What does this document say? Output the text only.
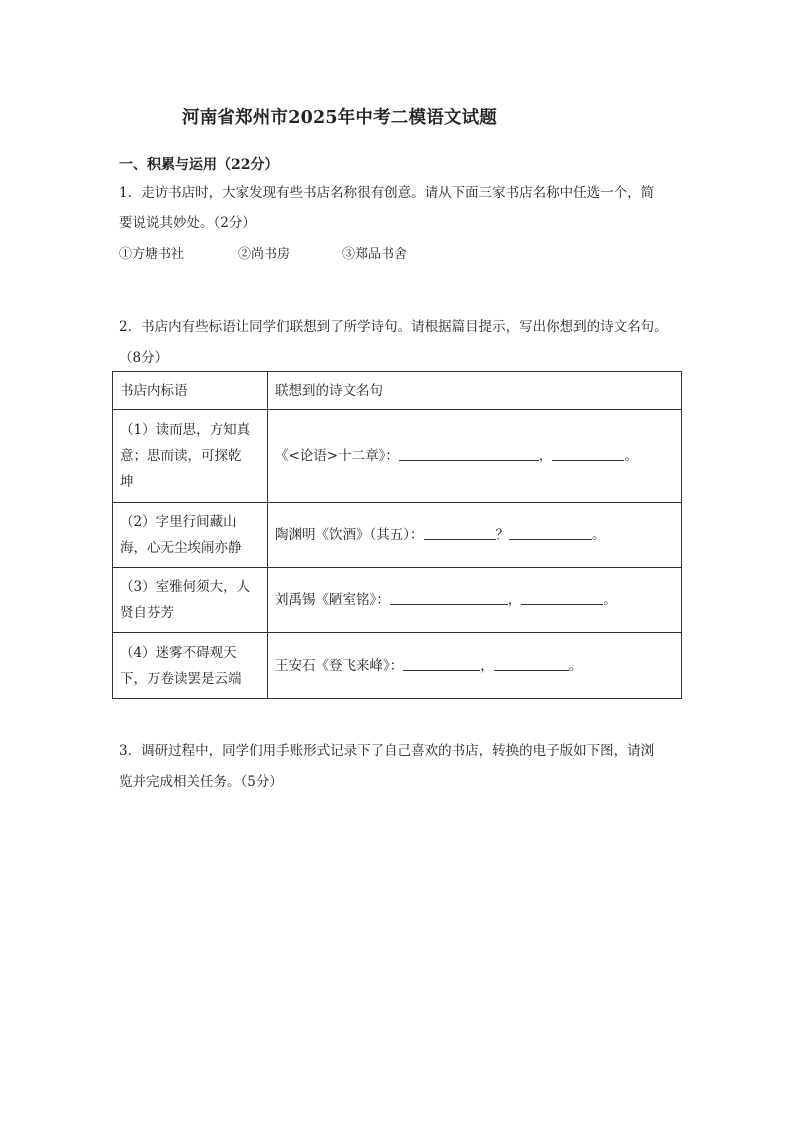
河南省郑州市2025年中考二模语文试题
一、积累与运用（22分）
1．走访书店时，大家发现有些书店名称很有创意。请从下面三家书店名称中任选一个，简
要说说其妙处。（2分）
①方塘书社	②尚书房	③郑品书舍
2．书店内有些标语让同学们联想到了所学诗句。请根据篇目提示，写出你想到的诗文名句。
（8分）
书店内标语	联想到的诗文名句

（1）读而思，方知真
意；思而读，可探乾
坤	《<论语>十二章》： ， 。

（2）字里行间藏山
海，心无尘埃闹亦静	陶渊明《饮酒》（其五）： ？ 。

（3）室雅何须大，人
贤自芬芳	刘禹锡《陋室铭》： ， 。

（4）迷雾不碍观天
下，万卷读罢是云端	王安石《登飞来峰》： ， 。
3．调研过程中，同学们用手账形式记录下了自己喜欢的书店，转换的电子版如下图，请浏
览并完成相关任务。（5分）
